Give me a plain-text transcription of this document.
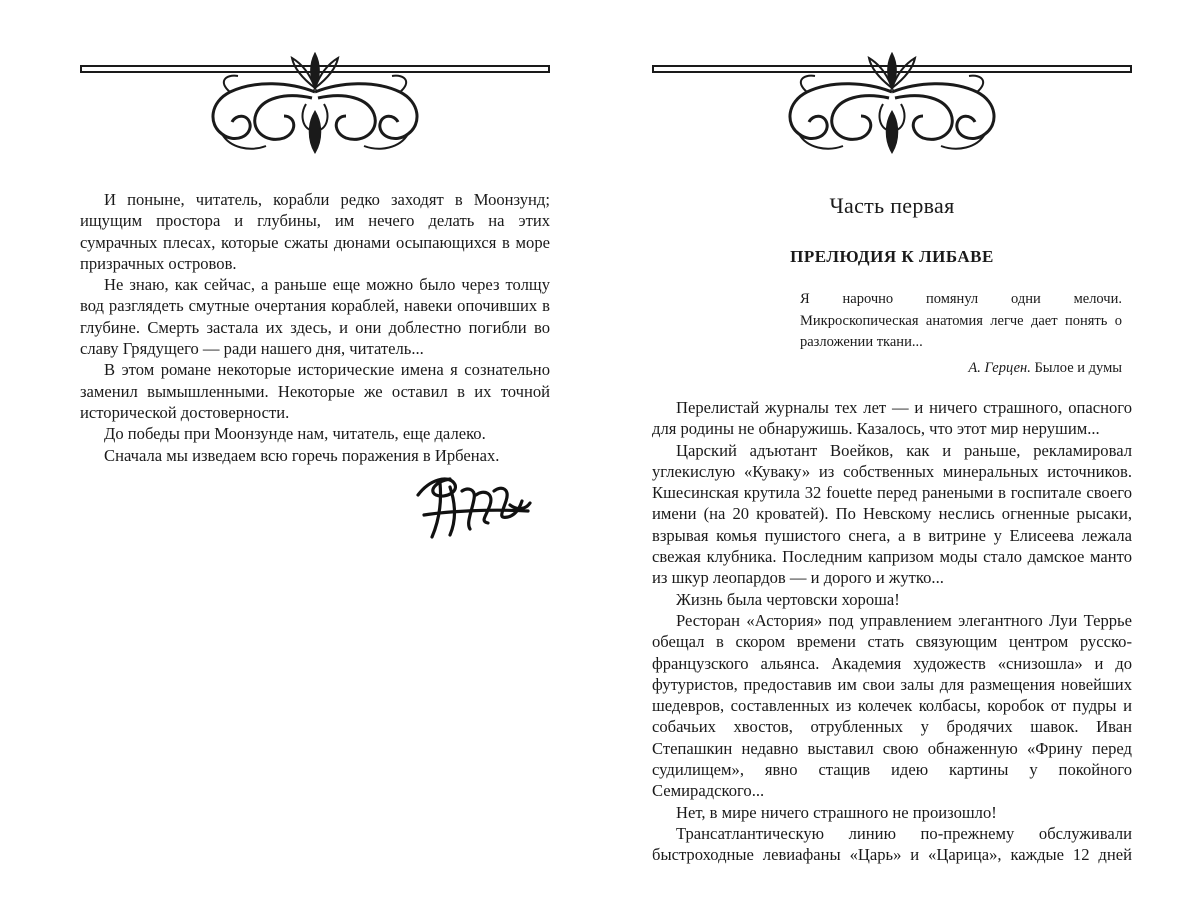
И поныне, читатель, корабли редко заходят в Моонзунд; ищущим простора и глубины, им нечего делать на этих сумрачных плесах, которые сжаты дюнами осыпающихся в море призрачных островов.

Не знаю, как сейчас, а раньше еще можно было через толщу вод разглядеть смутные очертания кораблей, навеки опочивших в глубине. Смерть застала их здесь, и они доблестно погибли во славу Грядущего — ради нашего дня, читатель...

В этом романе некоторые исторические имена я сознательно заменил вымышленными. Некоторые же оставил в их точной исторической достоверности.

До победы при Моонзунде нам, читатель, еще далеко.

Сначала мы изведаем всю горечь поражения в Ирбенах.

Часть первая
ПРЕЛЮДИЯ К ЛИБАВЕ

Я нарочно помянул одни мелочи. Микроскопическая анатомия легче дает понять о разложении ткани...

А. Герцен. Былое и думы

Перелистай журналы тех лет — и ничего страшного, опасного для родины не обнаружишь. Казалось, что этот мир нерушим...

Царский адъютант Воейков, как и раньше, рекламировал углекислую «Куваку» из собственных минеральных источников. Кшесинская крутила 32 fouette перед ранеными в госпитале своего имени (на 20 кроватей). По Невскому неслись огненные рысаки, взрывая комья пушистого снега, а в витрине у Елисеева лежала свежая клубника. Последним капризом моды стало дамское манто из шкур леопардов — и дорого и жутко...

Жизнь была чертовски хороша!

Ресторан «Астория» под управлением элегантного Луи Террье обещал в скором времени стать связующим центром русско-французского альянса. Академия художеств «снизошла» и до футуристов, предоставив им свои залы для размещения новейших шедевров, составленных из колечек колбасы, коробок от пудры и собачьих хвостов, отрубленных у бродячих шавок. Иван Степашкин недавно выставил свою обнаженную «Фрину перед судилищем», явно стащив идею картины у покойного Семирадского...

Нет, в мире ничего страшного не произошло!

Трансатлантическую линию по-прежнему обслуживали быстроходные левиафаны «Царь» и «Царица», каждые 12 дней
